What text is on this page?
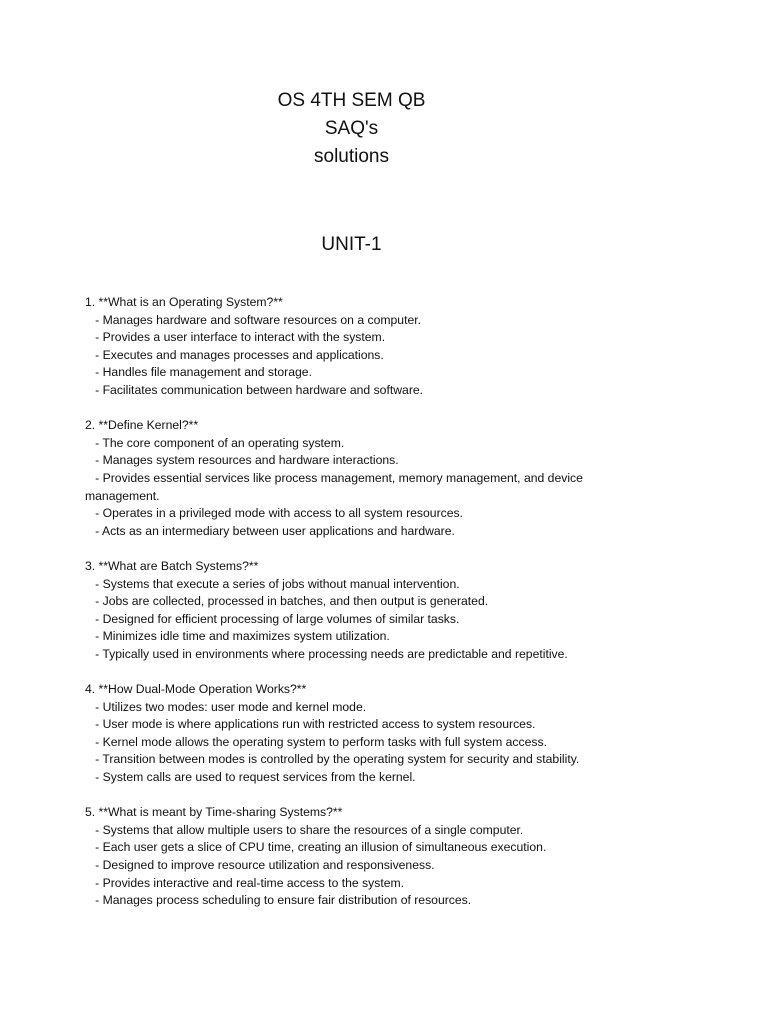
OS 4TH SEM QB
SAQ's
solutions
UNIT-1
1. **What is an Operating System?**
- Manages hardware and software resources on a computer.
- Provides a user interface to interact with the system.
- Executes and manages processes and applications.
- Handles file management and storage.
- Facilitates communication between hardware and software.
2. **Define Kernel?**
- The core component of an operating system.
- Manages system resources and hardware interactions.
- Provides essential services like process management, memory management, and device management.
- Operates in a privileged mode with access to all system resources.
- Acts as an intermediary between user applications and hardware.
3. **What are Batch Systems?**
- Systems that execute a series of jobs without manual intervention.
- Jobs are collected, processed in batches, and then output is generated.
- Designed for efficient processing of large volumes of similar tasks.
- Minimizes idle time and maximizes system utilization.
- Typically used in environments where processing needs are predictable and repetitive.
4. **How Dual-Mode Operation Works?**
- Utilizes two modes: user mode and kernel mode.
- User mode is where applications run with restricted access to system resources.
- Kernel mode allows the operating system to perform tasks with full system access.
- Transition between modes is controlled by the operating system for security and stability.
- System calls are used to request services from the kernel.
5. **What is meant by Time-sharing Systems?**
- Systems that allow multiple users to share the resources of a single computer.
- Each user gets a slice of CPU time, creating an illusion of simultaneous execution.
- Designed to improve resource utilization and responsiveness.
- Provides interactive and real-time access to the system.
- Manages process scheduling to ensure fair distribution of resources.
